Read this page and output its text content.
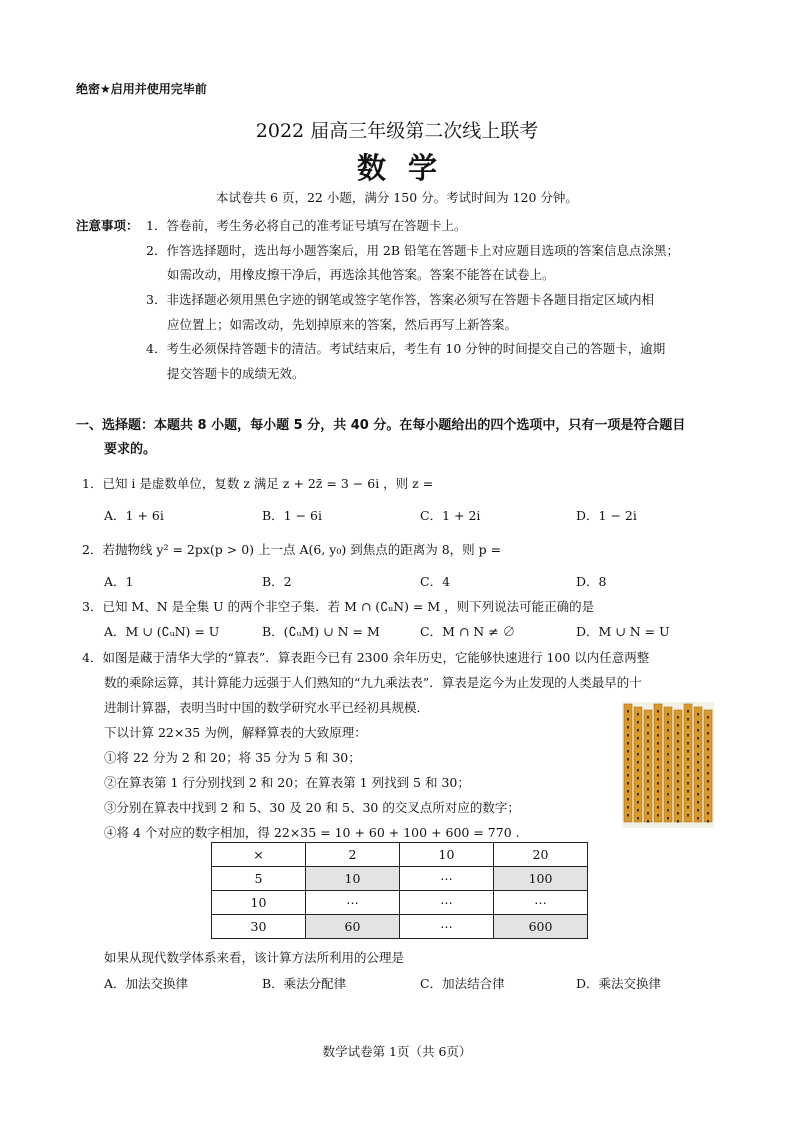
绝密★启用并使用完毕前
2022 届高三年级第二次线上联考
数学
本试卷共 6 页，22 小题，满分 150 分。考试时间为 120 分钟。
注意事项： 1．答卷前，考生务必将自己的准考证号填写在答题卡上。
2．作答选择题时，选出每小题答案后，用 2B 铅笔在答题卡上对应题目选项的答案信息点涂黑；
如需改动，用橡皮擦干净后，再选涂其他答案。答案不能答在试卷上。
3．非选择题必须用黑色字迹的钢笔或签字笔作答，答案必须写在答题卡各题目指定区域内相
应位置上；如需改动，先划掉原来的答案，然后再写上新答案。
4．考生必须保持答题卡的清洁。考试结束后，考生有 10 分钟的时间提交自己的答题卡，逾期
提交答题卡的成绩无效。
一、选择题：本题共 8 小题，每小题 5 分，共 40 分。在每小题给出的四个选项中，只有一项是符合题目
要求的。
1．已知 i 是虚数单位，复数 z 满足 z + 2z̄ = 3 − 6i ，则 z =
A．1 + 6i	B．1 − 6i	C．1 + 2i	D．1 − 2i
2．若抛物线 y² = 2px(p > 0) 上一点 A(6, y₀) 到焦点的距离为 8，则 p =
A．1	B．2	C．4	D．8
3．已知 M、N 是全集 U 的两个非空子集．若 M ∩ (∁ᵤN) = M ，则下列说法可能正确的是
A．M ∪ (∁ᵤN) = U	B．(∁ᵤM) ∪ N = M	C．M ∩ N ≠ ∅	D．M ∪ N = U
4．如图是藏于清华大学的“算表”．算表距今已有 2300 余年历史，它能够快速进行 100 以内任意两整
数的乘除运算，其计算能力远强于人们熟知的“九九乘法表”．算表是迄今为止发现的人类最早的十
进制计算器，表明当时中国的数学研究水平已经初具规模．
下以计算 22×35 为例，解释算表的大致原理：
①将 22 分为 2 和 20；将 35 分为 5 和 30；
②在算表第 1 行分别找到 2 和 20；在算表第 1 列找到 5 和 30；
③分别在算表中找到 2 和 5、30 及 20 和 5、30 的交叉点所对应的数字；
④将 4 个对应的数字相加，得 22×35 = 10 + 60 + 100 + 600 = 770 .
×	2	10	20
5	10	⋯	100
10	⋯	⋯	⋯
30	60	⋯	600
如果从现代数学体系来看，该计算方法所利用的公理是
A．加法交换律	B．乘法分配律	C．加法结合律	D．乘法交换律
数学试卷第 1页（共 6页）
